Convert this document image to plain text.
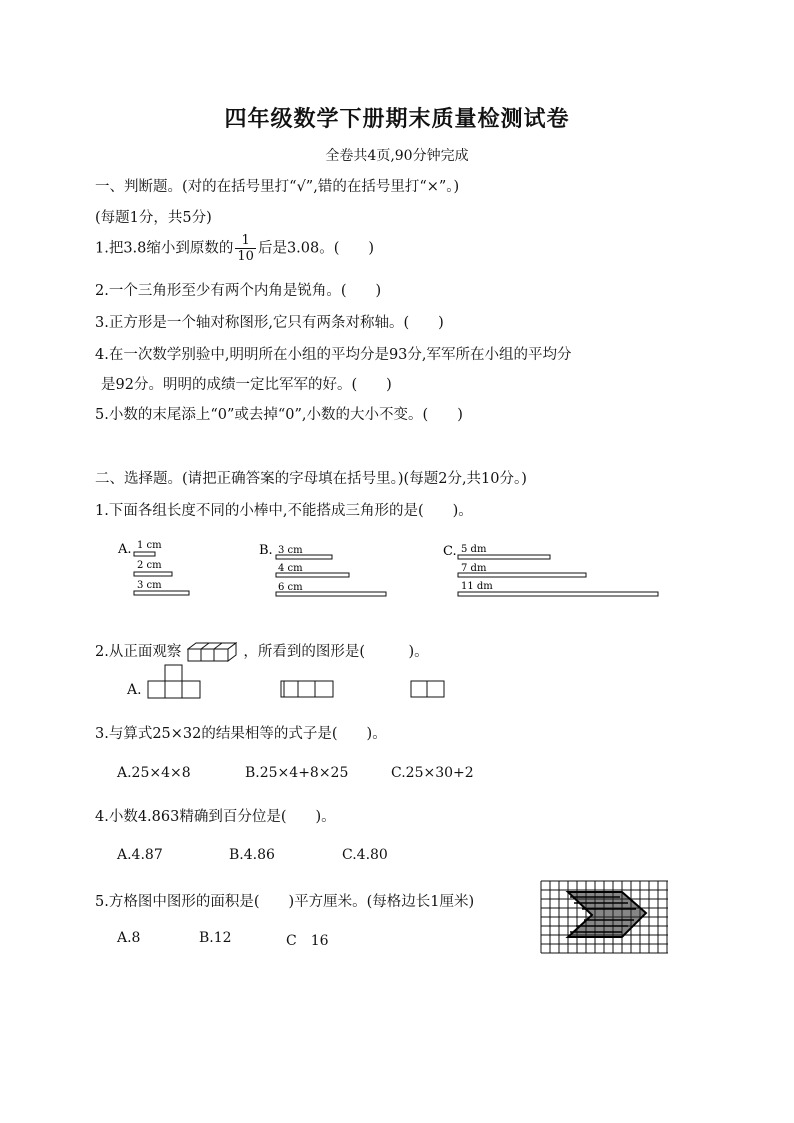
四年级数学下册期末质量检测试卷
全卷共4页,90分钟完成
一、判断题。(对的在括号里打“√”,错的在括号里打“×”。)
(每题1分，共5分)
1.把3.8缩小到原数的 $\frac{1}{10}$ 后是3.08。(　　)
2.一个三角形至少有两个内角是锐角。(　　)
3.正方形是一个轴对称图形,它只有两条对称轴。(　　)
4.在一次数学别验中,明明所在小组的平均分是93分,军军所在小组的平均分
是92分。明明的成绩一定比军军的好。(　　)
5.小数的末尾添上“0”或去掉“0”,小数的大小不变。(　　)
二、选择题。(请把正确答案的字母填在括号里。)(每题2分,共10分。)
1.下面各组长度不同的小棒中,不能搭成三角形的是(　　)。
A. 1 cm
2 cm
3 cm
B. 3 cm
4 cm
6 cm
C. 5 dm
7 dm
11 dm
2.从正面观察	，所看到的图形是(　　　)。
A.
3.与算式25×32的结果相等的式子是(　　)。
A.25×4×8	B.25×4+8×25	C.25×30+2
4.小数4.863精确到百分位是(　　)。
A.4.87	B.4.86	C.4.80
5.方格图中图形的面积是(　　)平方厘米。(每格边长1厘米)
A.8	B.12	C　16
